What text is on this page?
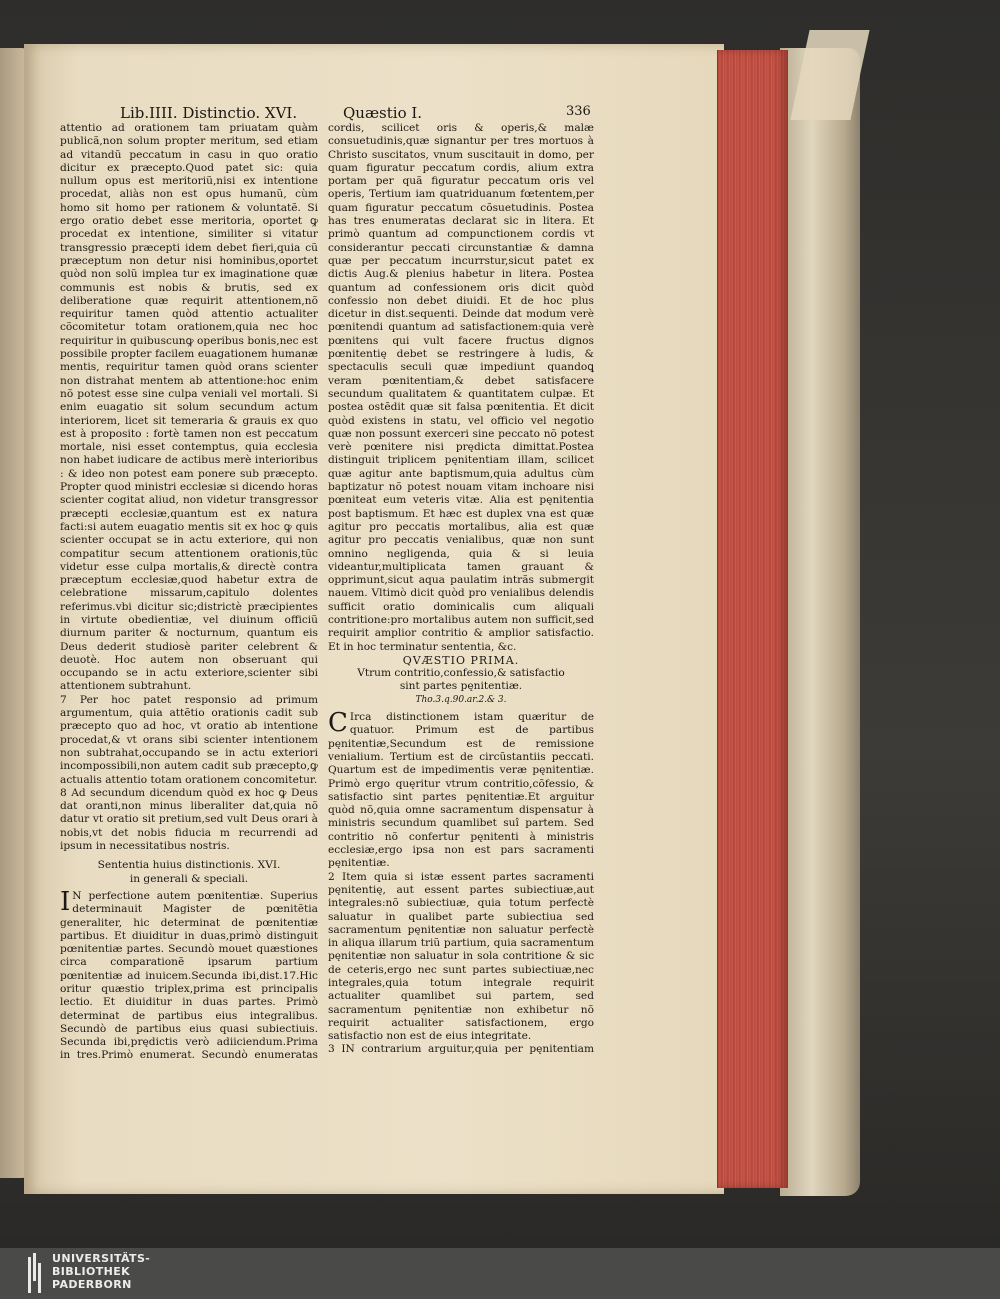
Lib.IIII. Distinctio. XVI.	Quæstio I.	336

attentio ad orationem tam priuatam quàm publicã,non solum propter meritum, sed etiam ad vitandũ peccatum in casu in quo oratio dicitur ex præcepto.Quod patet sic: quia nullum opus est meritoriũ,nisi ex intentione procedat, aliàs non est opus humanũ, cùm homo sit homo per rationem & voluntatẽ. Si ergo oratio debet esse meritoria, oportet ꝙ procedat ex intentione, similiter si vitatur transgressio præcepti idem debet fieri,quia cũ præceptum non detur nisi hominibus,oportet quòd non solũ implea tur ex imaginatione quæ communis est nobis & brutis, sed ex deliberatione quæ requirit attentionem,nõ requiritur tamen quòd attentio actualiter cõcomitetur totam orationem,quia nec hoc requiritur in quibuscunꝙ operibus bonis,nec est possibile propter facilem euagationem humanæ mentis, requiritur tamen quòd orans scienter non distrahat mentem ab attentione:hoc enim nõ potest esse sine culpa veniali vel mortali. Si enim euagatio sit solum secundum actum interiorem, licet sit temeraria & grauis ex quo est à proposito : fortè tamen non est peccatum mortale, nisi esset contemptus, quia ecclesia non habet iudicare de actibus merè interioribus : & ideo non potest eam ponere sub præcepto. Propter quod ministri ecclesiæ si dicendo horas scienter cogitat aliud, non videtur transgressor præcepti ecclesiæ,quantum est ex natura facti:si autem euagatio mentis sit ex hoc ꝙ quis scienter occupat se in actu exteriore, qui non compatitur secum attentionem orationis,tũc videtur esse culpa mortalis,& directè contra præceptum ecclesiæ,quod habetur extra de celebratione missarum,capitulo dolentes referimus.vbi dicitur sic;districtè præcipientes in virtute obedientiæ, vel diuinum officiũ diurnum pariter & nocturnum, quantum eis Deus dederit studiosè pariter celebrent & deuotè. Hoc autem non obseruant qui occupando se in actu exteriore,scienter sibi attentionem subtrahunt.

7 Per hoc patet responsio ad primum argumentum, quia attẽtio orationis cadit sub præcepto quo ad hoc, vt oratio ab intentione procedat,& vt orans sibi scienter intentionem non subtrahat,occupando se in actu exteriori incompossibili,non autem cadit sub præcepto,ꝙ actualis attentio totam orationem concomitetur.

8 Ad secundum dicendum quòd ex hoc ꝙ Deus dat oranti,non minus liberaliter dat,quia nõ datur vt oratio sit pretium,sed vult Deus orari à nobis,vt det nobis fiducia m recurrendi ad ipsum in necessitatibus nostris.

Sententia huius distinctionis. XVI.

in generali & speciali.

I N perfectione autem pœnitentiæ. Superius determinauit Magister de pœnitẽtia generaliter, hic determinat de pœnitentiæ partibus. Et diuiditur in duas,primò distinguit pœnitentiæ partes. Secundò mouet quæstiones circa comparationẽ ipsarum partium pœnitentiæ ad inuicem.Secunda ibi,dist.17.Hic oritur quæstio triplex,prima est principalis lectio. Et diuiditur in duas partes. Primò determinat de partibus eius integralibus. Secundò de partibus eius quasi subiectiuis. Secunda ibi,prędictis verò adiiciendum.Prima in tres.Primò enumerat. Secundò enumeratas

cordis, scilicet oris & operis,& malæ consuetudinis,quæ signantur per tres mortuos à Christo suscitatos, vnum suscitauit in domo, per quam figuratur peccatum cordis, alium extra portam per quã figuratur peccatum oris vel operis, Tertium iam quatriduanum fœtentem,per quam figuratur peccatum cõsuetudinis. Postea has tres enumeratas declarat sic in litera. Et primò quantum ad compunctionem cordis vt considerantur peccati circunstantiæ & damna quæ per peccatum incurrstur,sicut patet ex dictis Aug.& plenius habetur in litera. Postea quantum ad confessionem oris dicit quòd confessio non debet diuidi. Et de hoc plus dicetur in dist.sequenti. Deinde dat modum verè pœnitendi quantum ad satisfactionem:quia verè pœnitens qui vult facere fructus dignos pœnitentię debet se restringere à ludis, & spectaculis seculi quæ impediunt quandoꝗ veram pœnitentiam,& debet satisfacere secundum qualitatem & quantitatem culpæ. Et postea ostẽdit quæ sit falsa pœnitentia. Et dicit quòd existens in statu, vel officio vel negotio quæ non possunt exerceri sine peccato nõ potest verè pœnitere nisi prędicta dimittat.Postea distinguit triplicem pęnitentiam illam, scilicet quæ agitur ante baptismum,quia adultus cùm baptizatur nõ potest nouam vitam inchoare nisi pœniteat eum veteris vitæ. Alia est pęnitentia post baptismum. Et hæc est duplex vna est quæ agitur pro peccatis mortalibus, alia est quæ agitur pro peccatis venialibus, quæ non sunt omnino negligenda, quia & si leuia videantur,multiplicata tamen grauant & opprimunt,sicut aqua paulatim intrãs submergit nauem. Vltimò dicit quòd pro venialibus delendis sufficit oratio dominicalis cum aliquali contritione:pro mortalibus autem non sufficit,sed requirit amplior contritio & amplior satisfactio. Et in hoc terminatur sententia, &c.

QVÆSTIO PRIMA.

Vtrum contritio,confessio,& satisfactio

sint partes pęnitentiæ.

Tho.3.q.90.ar.2.& 3.

C Irca distinctionem istam quæritur de quatuor. Primum est de partibus pęnitentiæ,Secundum est de remissione venialium. Tertium est de circũstantiis peccati. Quartum est de impedimentis veræ pęnitentiæ. Primò ergo quęritur vtrum contritio,cõfessio, & satisfactio sint partes pęnitentiæ.Et arguitur quòd nõ,quia omne sacramentum dispensatur à ministris secundum quamlibet suî partem. Sed contritio nõ confertur pęnitenti à ministris ecclesiæ,ergo ipsa non est pars sacramenti pęnitentiæ.

2 Item quia si istæ essent partes sacramenti pęnitentię, aut essent partes subiectiuæ,aut integrales:nõ subiectiuæ, quia totum perfectè saluatur in qualibet parte subiectiua sed sacramentum pęnitentiæ non saluatur perfectè in aliqua illarum triũ partium, quia sacramentum pęnitentiæ non saluatur in sola contritione & sic de ceteris,ergo nec sunt partes subiectiuæ,nec integrales,quia totum integrale requirit actualiter quamlibet sui partem, sed sacramentum pęnitentiæ non exhibetur nõ requirit actualiter satisfactionem, ergo satisfactio non est de eius integritate.

3 IN contrarium arguitur,quia per pęnitentiam

UNIVERSITÄTS-
BIBLIOTHEK
PADERBORN
